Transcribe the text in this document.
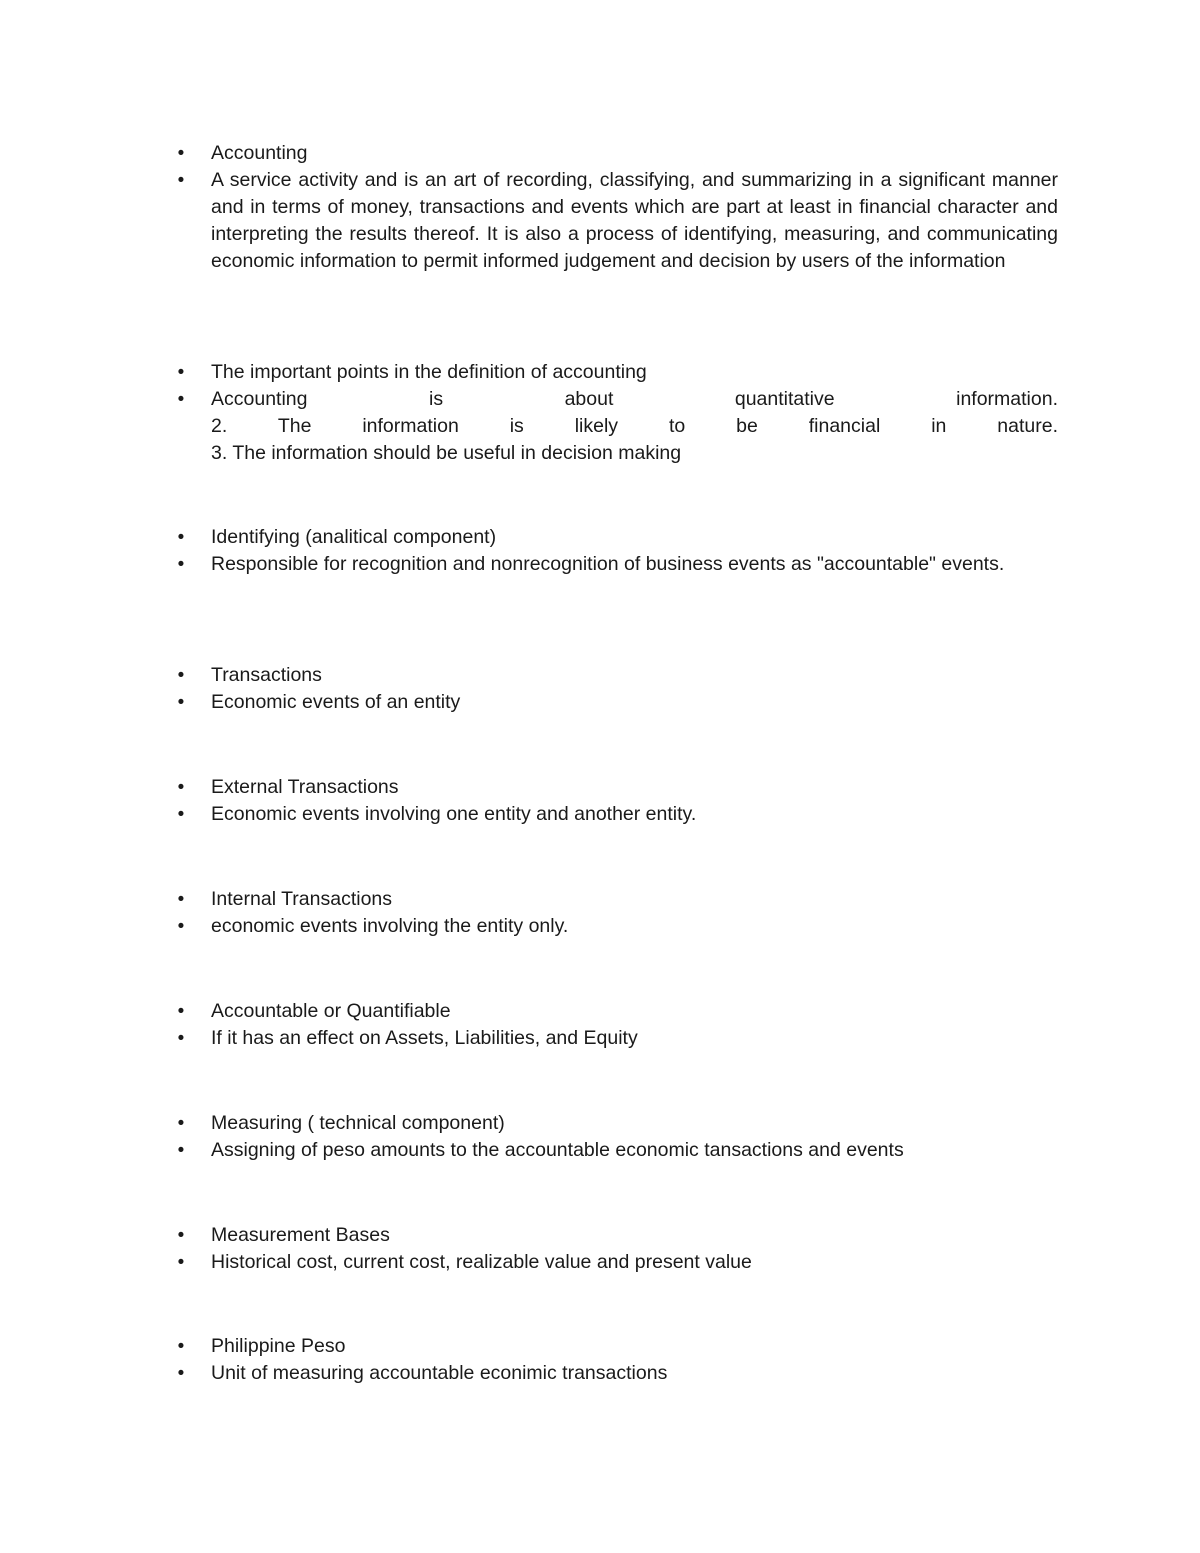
• Accounting
• A service activity and is an art of recording, classifying, and summarizing in a significant manner and in terms of money, transactions and events which are part at least in financial character and interpreting the results thereof. It is also a process of identifying, measuring, and communicating economic information to permit informed judgement and decision by users of the information
• The important points in the definition of accounting
• Accounting is about quantitative information.
2. The information is likely to be financial in nature.
3. The information should be useful in decision making
• Identifying (analitical component)
• Responsible for recognition and nonrecognition of business events as "accountable" events.
• Transactions
• Economic events of an entity
• External Transactions
• Economic events involving one entity and another entity.
• Internal Transactions
• economic events involving the entity only.
• Accountable or Quantifiable
• If it has an effect on Assets, Liabilities, and Equity
• Measuring ( technical component)
• Assigning of peso amounts to the accountable economic tansactions and events
• Measurement Bases
• Historical cost, current cost, realizable value and present value
• Philippine Peso
• Unit of measuring accountable econimic transactions
